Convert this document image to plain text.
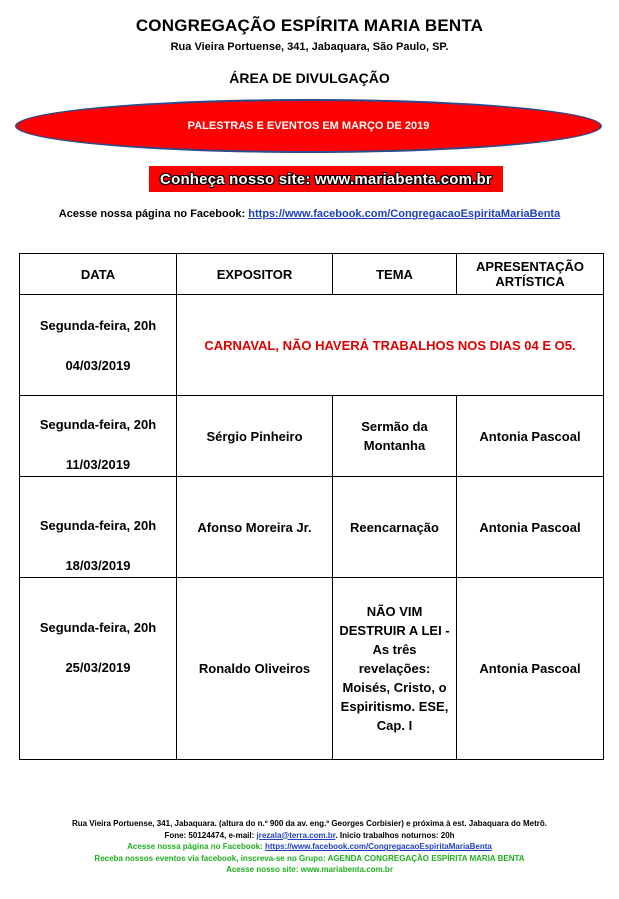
CONGREGAÇÃO ESPÍRITA MARIA BENTA
Rua Vieira Portuense, 341, Jabaquara, São Paulo, SP.
ÁREA DE DIVULGAÇÃO
PALESTRAS E EVENTOS EM MARÇO DE 2019
Conheça nosso site: www.mariabenta.com.br
Acesse nossa página no Facebook: https://www.facebook.com/CongregacaoEspiritaMariaBenta
DATA	EXPOSITOR	TEMA	APRESENTAÇÃO ARTÍSTICA

Segunda-feira, 20h
04/03/2019	CARNAVAL, NÃO HAVERÁ TRABALHOS NOS DIAS 04 E O5.		

Segunda-feira, 20h
11/03/2019	Sérgio Pinheiro	Sermão da Montanha	Antonia Pascoal

Segunda-feira, 20h
18/03/2019	Afonso Moreira Jr.	Reencarnação	Antonia Pascoal

Segunda-feira, 20h
25/03/2019	Ronaldo Oliveiros	NÃO VIM DESTRUIR A LEI - As três revelações: Moisés, Cristo, o Espiritismo. ESE, Cap. I	Antonia Pascoal
Rua Vieira Portuense, 341, Jabaquara. (altura do n.º 900 da av. eng.º Georges Corbisier) e próxima à est. Jabaquara do Metrô.
Fone: 50124474, e-mail: jrezala@terra.com.br. Inicio trabalhos noturnos: 20h
Acesse nossa página no Facebook: https://www.facebook.com/CongregacaoEspiritaMariaBenta
Receba nossos eventos via facebook, inscreva-se no Grupo: AGENDA CONGREGAÇÃO ESPÍRITA MARIA BENTA
Acesse nosso site: www.mariabenta.com.br
